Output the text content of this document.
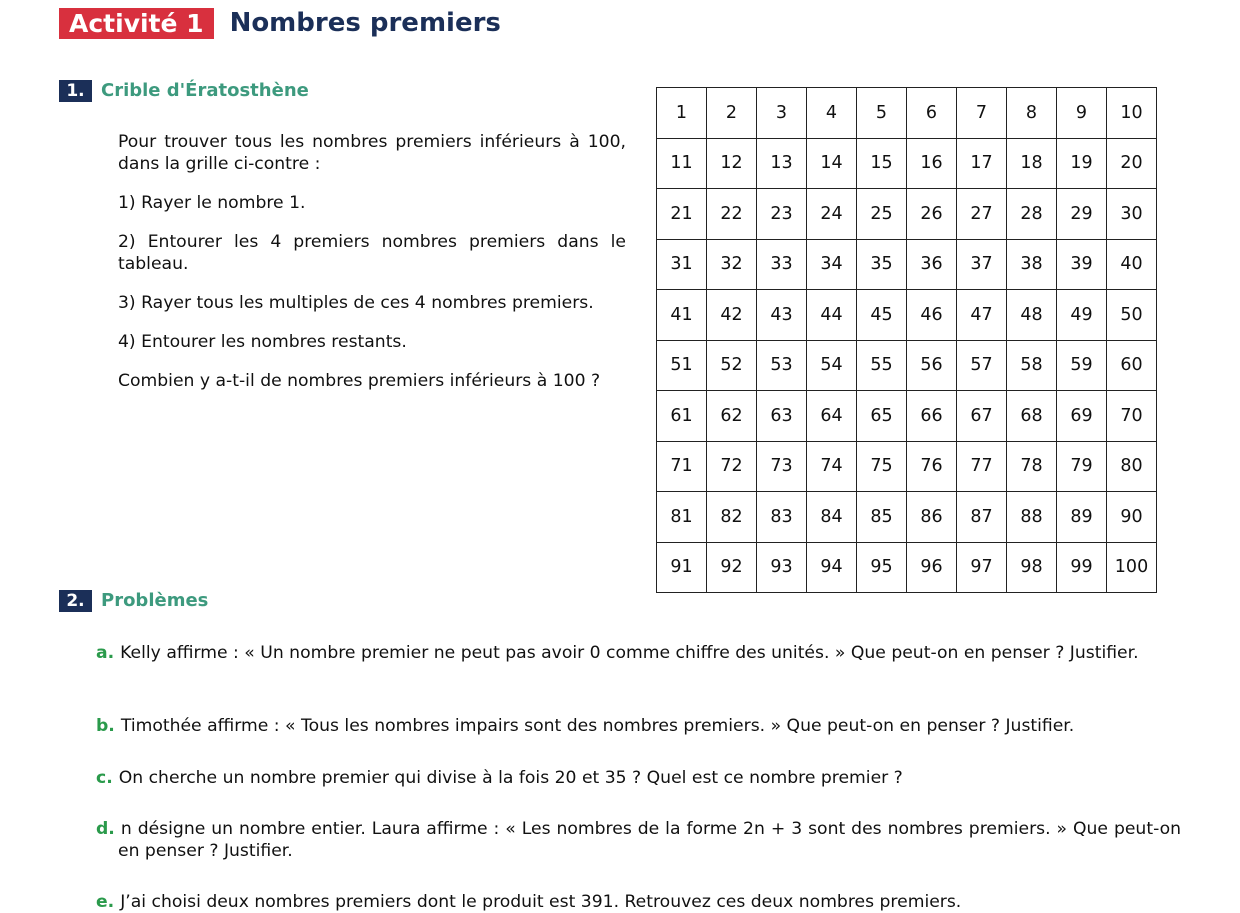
Activité 1	Nombres premiers
1. Crible d'Ératosthène

Pour trouver tous les nombres premiers inférieurs à 100, dans la grille ci-contre :

1) Rayer le nombre 1.

2) Entourer les 4 premiers nombres premiers dans le tableau.

3) Rayer tous les multiples de ces 4 nombres premiers.

4) Entourer les nombres restants.

Combien y a-t-il de nombres premiers inférieurs à 100 ?

1	2	3	4	5	6	7	8	9	10
11	12	13	14	15	16	17	18	19	20
21	22	23	24	25	26	27	28	29	30
31	32	33	34	35	36	37	38	39	40
41	42	43	44	45	46	47	48	49	50
51	52	53	54	55	56	57	58	59	60
61	62	63	64	65	66	67	68	69	70
71	72	73	74	75	76	77	78	79	80
81	82	83	84	85	86	87	88	89	90
91	92	93	94	95	96	97	98	99	100
2. Problèmes
a. Kelly affirme : « Un nombre premier ne peut pas avoir 0 comme chiffre des unités. » Que peut-on en penser ? Justifier.
b. Timothée affirme : « Tous les nombres impairs sont des nombres premiers. » Que peut-on en penser ? Justifier.
c. On cherche un nombre premier qui divise à la fois 20 et 35 ? Quel est ce nombre premier ?
d. n désigne un nombre entier. Laura affirme : « Les nombres de la forme 2n + 3 sont des nombres premiers. » Que peut-on en penser ? Justifier.
e. J’ai choisi deux nombres premiers dont le produit est 391. Retrouvez ces deux nombres premiers.
